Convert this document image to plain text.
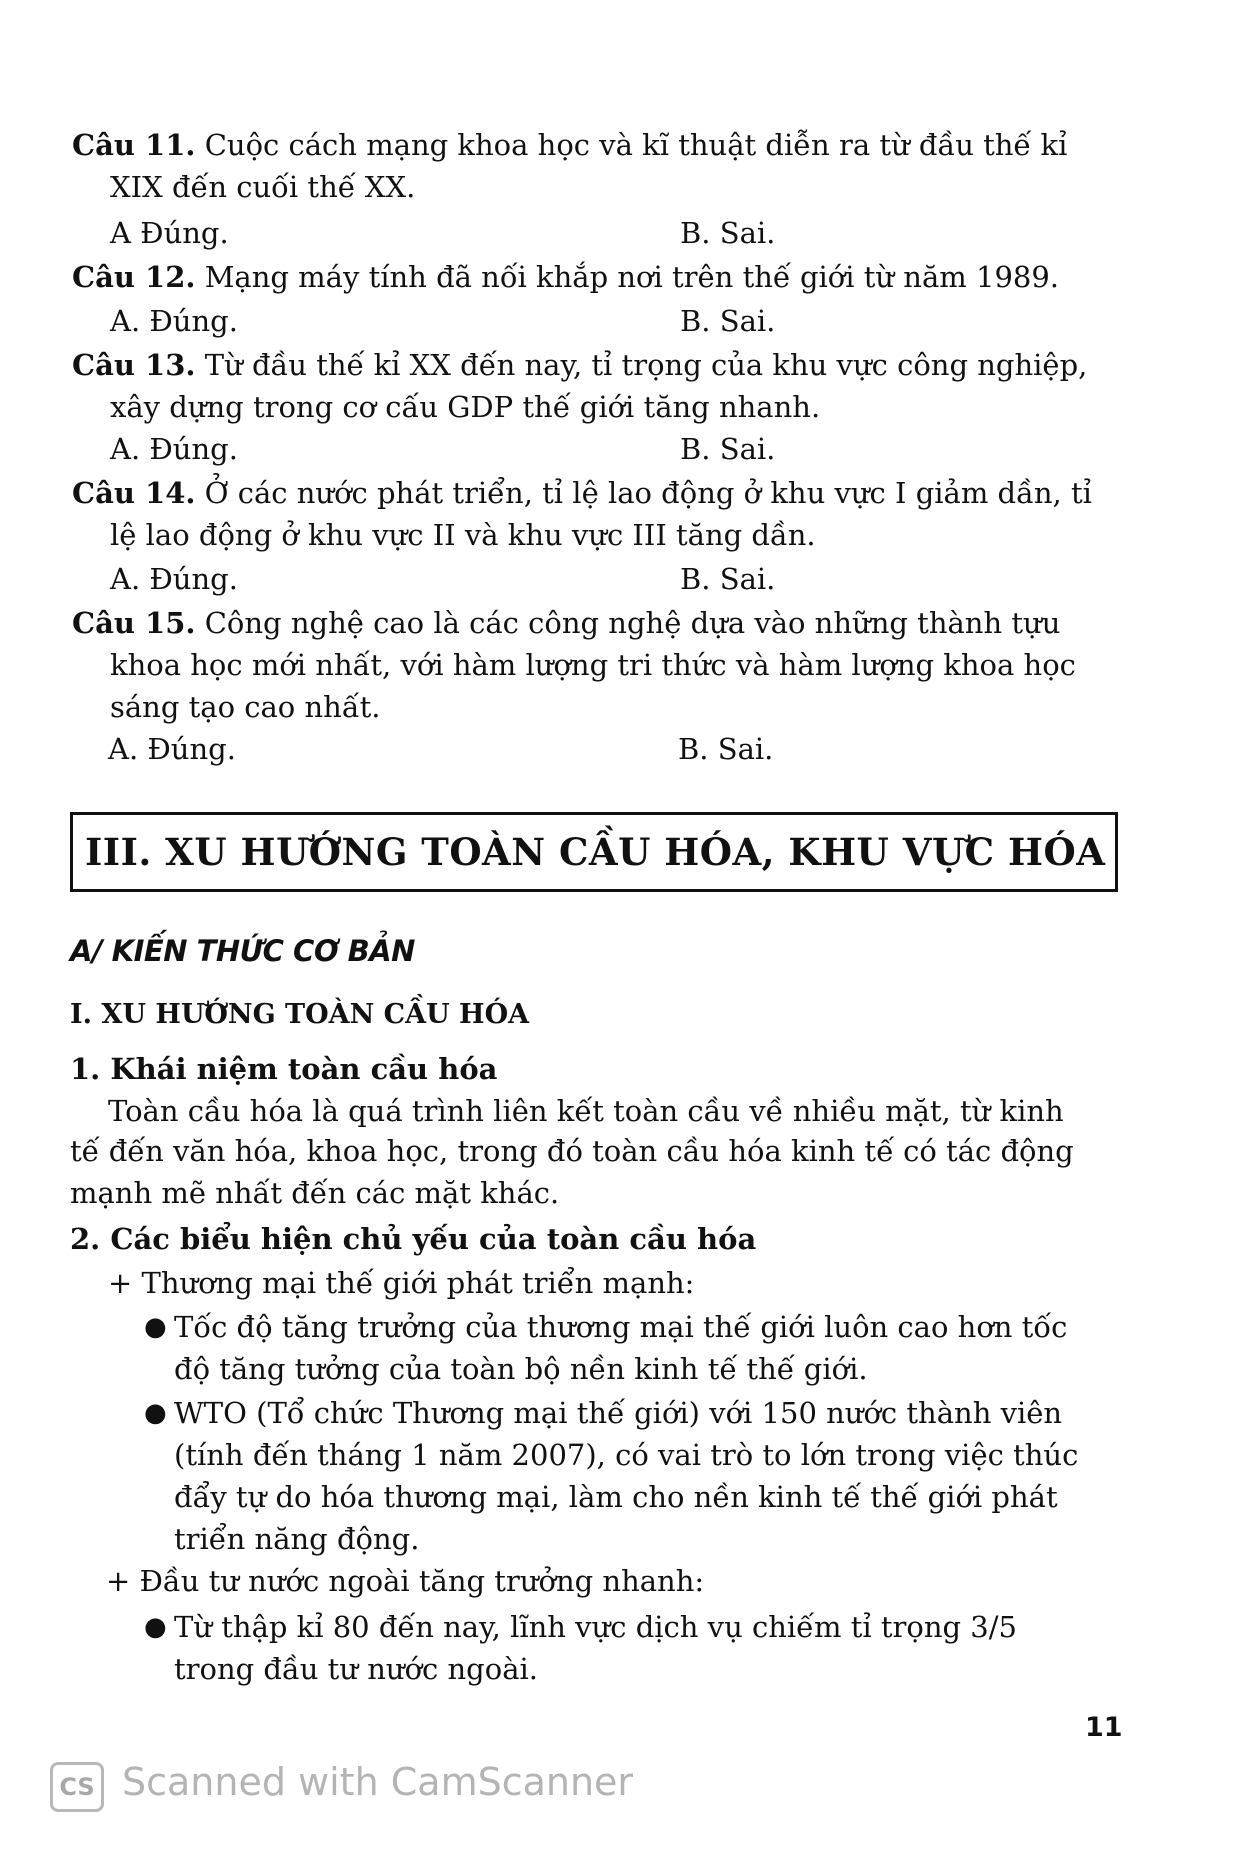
Câu 11. Cuộc cách mạng khoa học và kĩ thuật diễn ra từ đầu thế kỉ
XIX đến cuối thế XX.
A Đúng.	B. Sai.
Câu 12. Mạng máy tính đã nối khắp nơi trên thế giới từ năm 1989.
A. Đúng.	B. Sai.
Câu 13. Từ đầu thế kỉ XX đến nay, tỉ trọng của khu vực công nghiệp,
xây dựng trong cơ cấu GDP thế giới tăng nhanh.
A. Đúng.	B. Sai.
Câu 14. Ở các nước phát triển, tỉ lệ lao động ở khu vực I giảm dần, tỉ
lệ lao động ở khu vực II và khu vực III tăng dần.
A. Đúng.	B. Sai.
Câu 15. Công nghệ cao là các công nghệ dựa vào những thành tựu
khoa học mới nhất, với hàm lượng tri thức và hàm lượng khoa học
sáng tạo cao nhất.
A. Đúng.	B. Sai.
III. XU HƯỚNG TOÀN CẦU HÓA, KHU VỰC HÓA
A/ KIẾN THỨC CƠ BẢN
I. XU HƯỚNG TOÀN CẦU HÓA
1. Khái niệm toàn cầu hóa
Toàn cầu hóa là quá trình liên kết toàn cầu về nhiều mặt, từ kinh
tế đến văn hóa, khoa học, trong đó toàn cầu hóa kinh tế có tác động
mạnh mẽ nhất đến các mặt khác.
2. Các biểu hiện chủ yếu của toàn cầu hóa
+ Thương mại thế giới phát triển mạnh:
● Tốc độ tăng trưởng của thương mại thế giới luôn cao hơn tốc
độ tăng tưởng của toàn bộ nền kinh tế thế giới.
● WTO (Tổ chức Thương mại thế giới) với 150 nước thành viên
(tính đến tháng 1 năm 2007), có vai trò to lớn trong việc thúc
đẩy tự do hóa thương mại, làm cho nền kinh tế thế giới phát
triển năng động.
+ Đầu tư nước ngoài tăng trưởng nhanh:
● Từ thập kỉ 80 đến nay, lĩnh vực dịch vụ chiếm tỉ trọng 3/5
trong đầu tư nước ngoài.
11
CS Scanned with CamScanner
